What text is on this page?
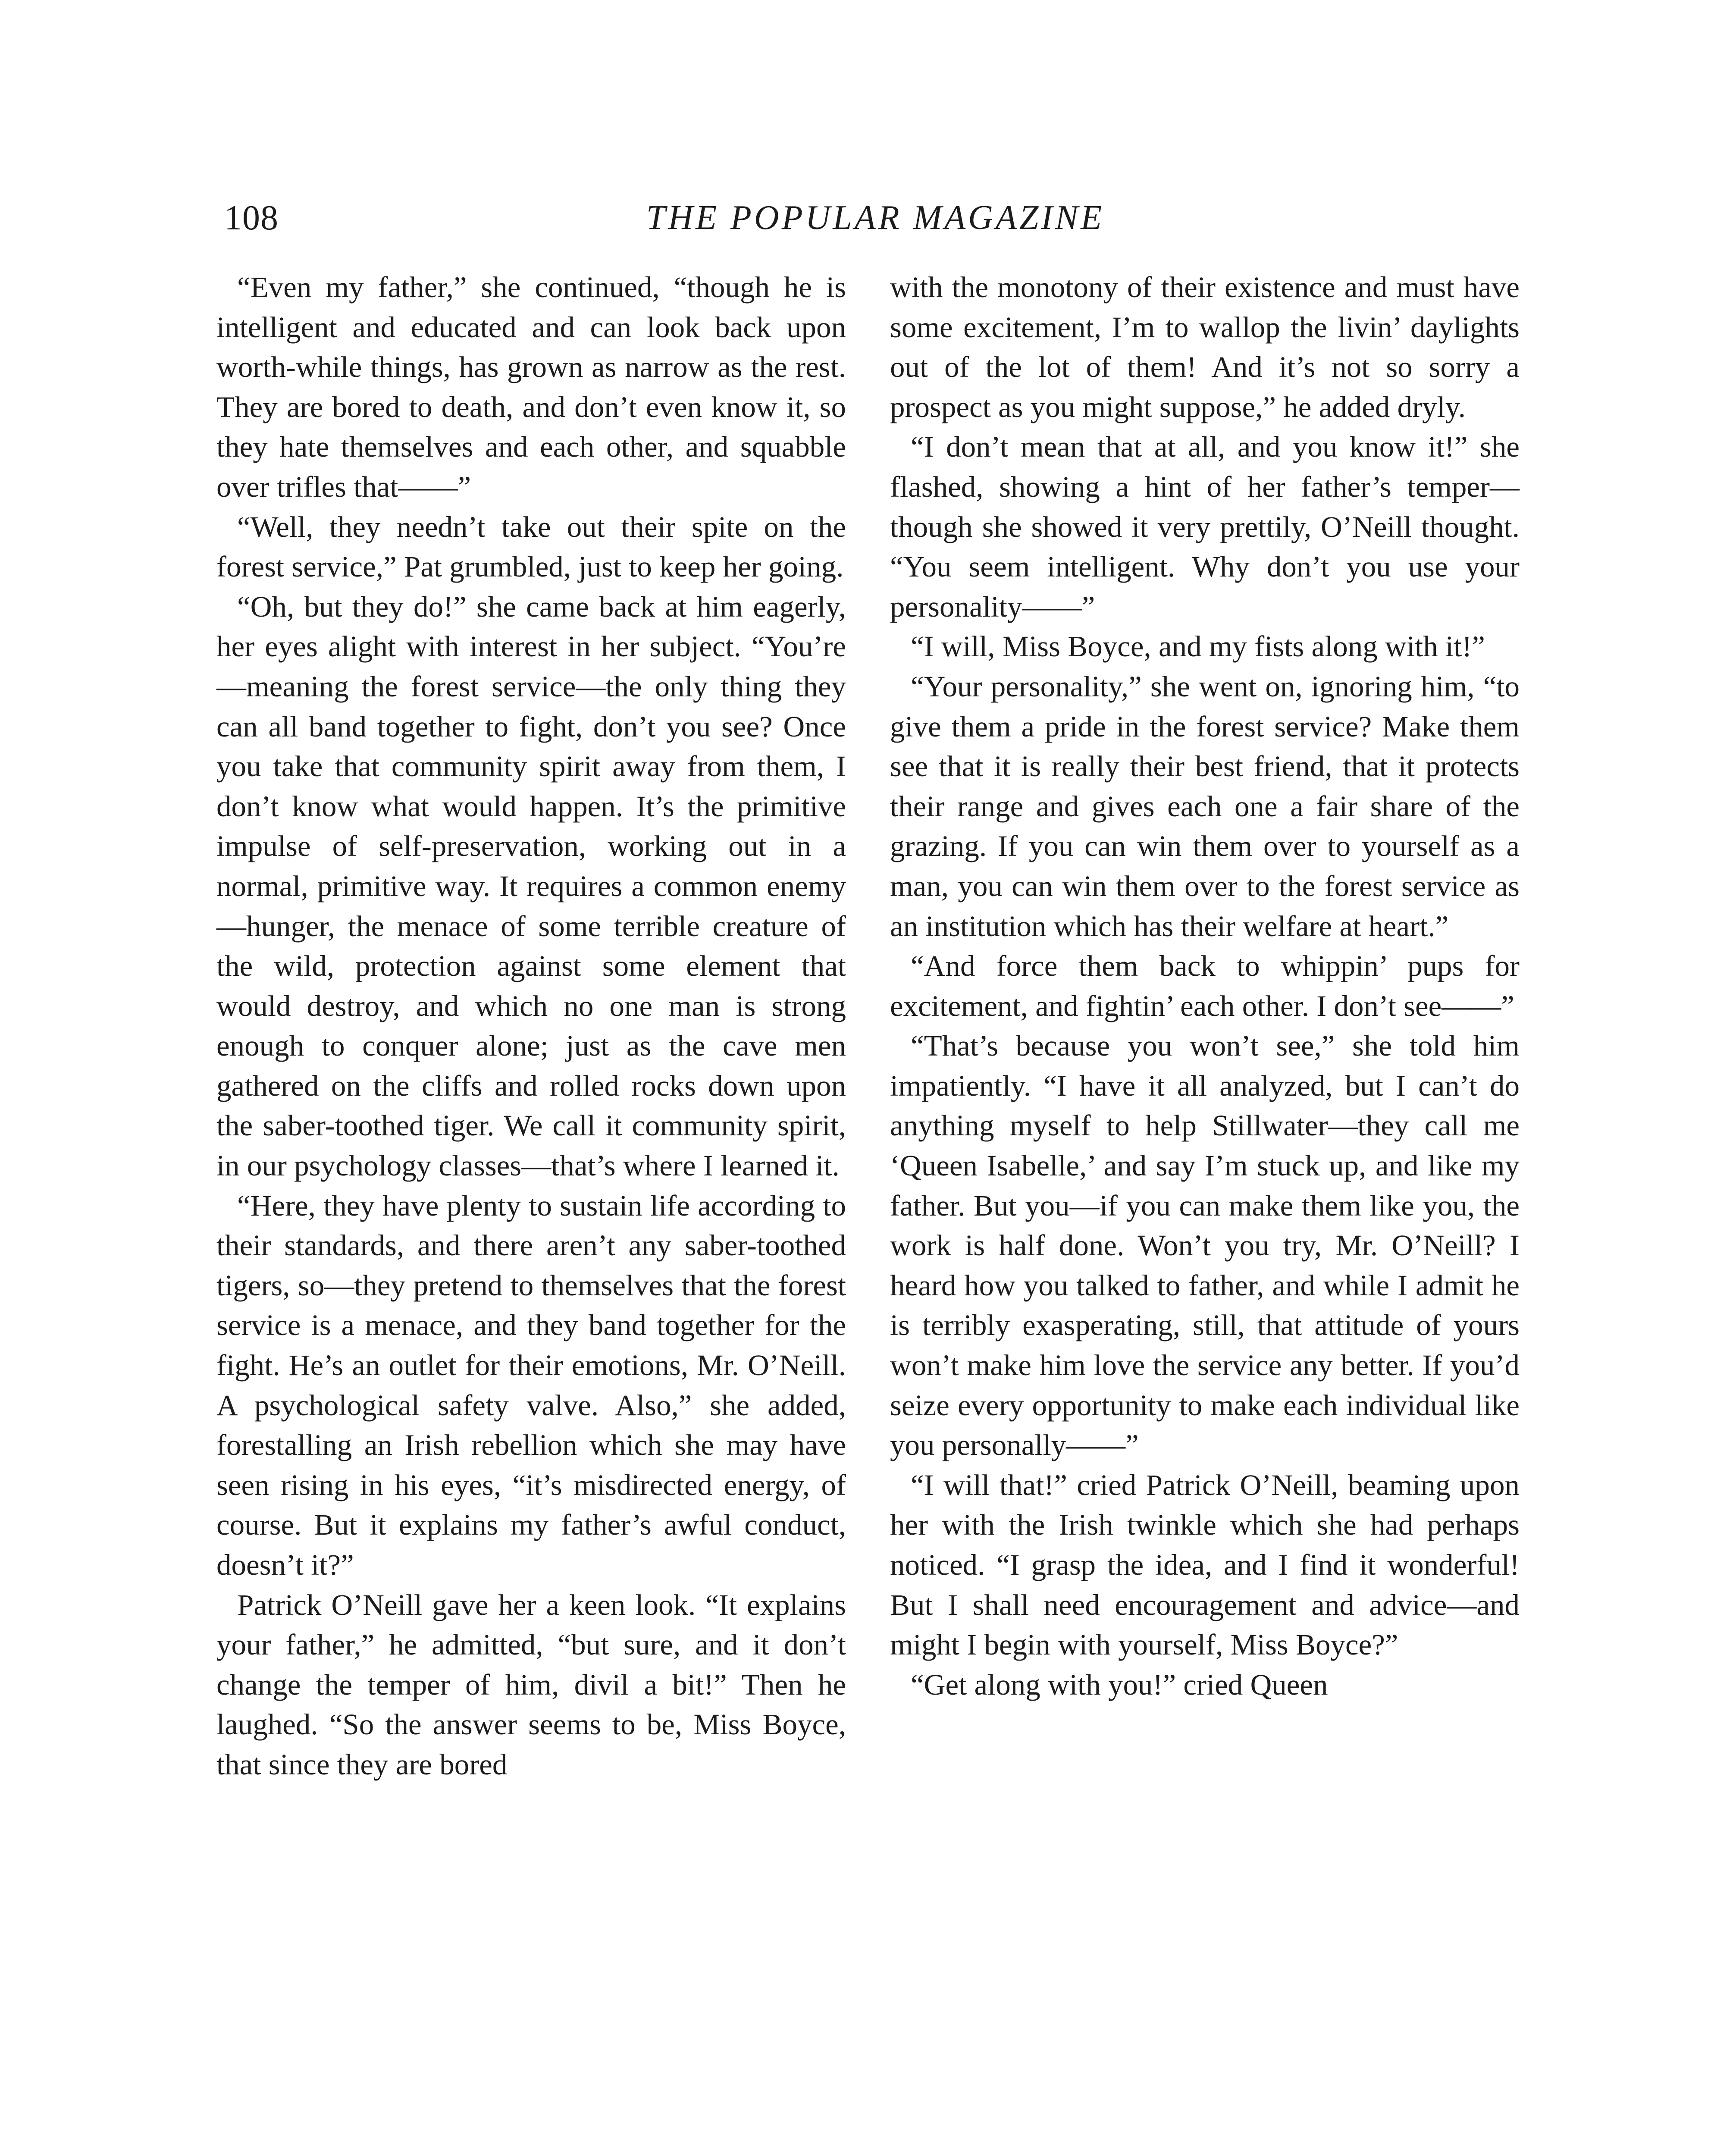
108	THE POPULAR MAGAZINE

“Even my father,” she continued, “though he is intelligent and educated and can look back upon worth-while things, has grown as narrow as the rest. They are bored to death, and don’t even know it, so they hate themselves and each other, and squabble over trifles that——”

“Well, they needn’t take out their spite on the forest service,” Pat grumbled, just to keep her going.

“Oh, but they do!” she came back at him eagerly, her eyes alight with interest in her subject. “You’re—meaning the forest service—the only thing they can all band together to fight, don’t you see? Once you take that community spirit away from them, I don’t know what would happen. It’s the primitive impulse of self-preservation, working out in a normal, primitive way. It requires a common enemy—hunger, the menace of some terrible creature of the wild, protection against some element that would destroy, and which no one man is strong enough to conquer alone; just as the cave men gathered on the cliffs and rolled rocks down upon the saber-toothed tiger. We call it community spirit, in our psychology classes—that’s where I learned it.

“Here, they have plenty to sustain life according to their standards, and there aren’t any saber-toothed tigers, so—they pretend to themselves that the forest service is a menace, and they band together for the fight. He’s an outlet for their emotions, Mr. O’Neill. A psychological safety valve. Also,” she added, forestalling an Irish rebellion which she may have seen rising in his eyes, “it’s misdirected energy, of course. But it explains my father’s awful conduct, doesn’t it?”

Patrick O’Neill gave her a keen look. “It explains your father,” he admitted, “but sure, and it don’t change the temper of him, divil a bit!” Then he laughed. “So the answer seems to be, Miss Boyce, that since they are bored

with the monotony of their existence and must have some excitement, I’m to wallop the livin’ daylights out of the lot of them! And it’s not so sorry a prospect as you might suppose,” he added dryly.

“I don’t mean that at all, and you know it!” she flashed, showing a hint of her father’s temper—though she showed it very prettily, O’Neill thought. “You seem intelligent. Why don’t you use your personality——”

“I will, Miss Boyce, and my fists along with it!”

“Your personality,” she went on, ignoring him, “to give them a pride in the forest service? Make them see that it is really their best friend, that it protects their range and gives each one a fair share of the grazing. If you can win them over to yourself as a man, you can win them over to the forest service as an institution which has their welfare at heart.”

“And force them back to whippin’ pups for excitement, and fightin’ each other. I don’t see——”

“That’s because you won’t see,” she told him impatiently. “I have it all analyzed, but I can’t do anything myself to help Stillwater—they call me ‘Queen Isabelle,’ and say I’m stuck up, and like my father. But you—if you can make them like you, the work is half done. Won’t you try, Mr. O’Neill? I heard how you talked to father, and while I admit he is terribly exasperating, still, that attitude of yours won’t make him love the service any better. If you’d seize every opportunity to make each individual like you personally——”

“I will that!” cried Patrick O’Neill, beaming upon her with the Irish twinkle which she had perhaps noticed. “I grasp the idea, and I find it wonderful! But I shall need encouragement and advice—and might I begin with yourself, Miss Boyce?”

“Get along with you!” cried Queen
